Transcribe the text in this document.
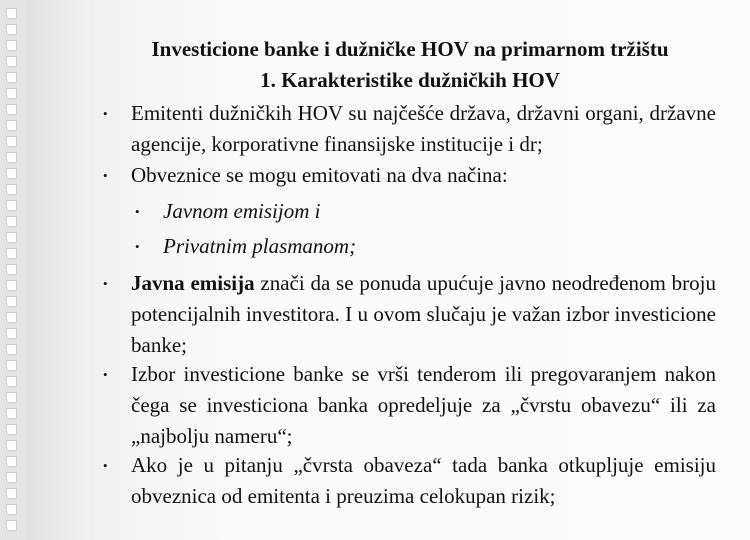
Investicione banke i dužničke HOV na primarnom tržištu
1. Karakteristike dužničkih HOV
• Emitenti dužničkih HOV su najčešće država, državni organi, državne agencije, korporativne finansijske institucije i dr;
• Obveznice se mogu emitovati na dva načina:
• Javnom emisijom i
• Privatnim plasmanom;
• Javna emisija znači da se ponuda upućuje javno neodređenom broju potencijalnih investitora. I u ovom slučaju je važan izbor investicione banke;
• Izbor investicione banke se vrši tenderom ili pregovaranjem nakon čega se investiciona banka opredeljuje za „čvrstu obavezu“ ili za „najbolju nameru“;
• Ako je u pitanju „čvrsta obaveza“ tada banka otkupljuje emisiju obveznica od emitenta i preuzima celokupan rizik;
